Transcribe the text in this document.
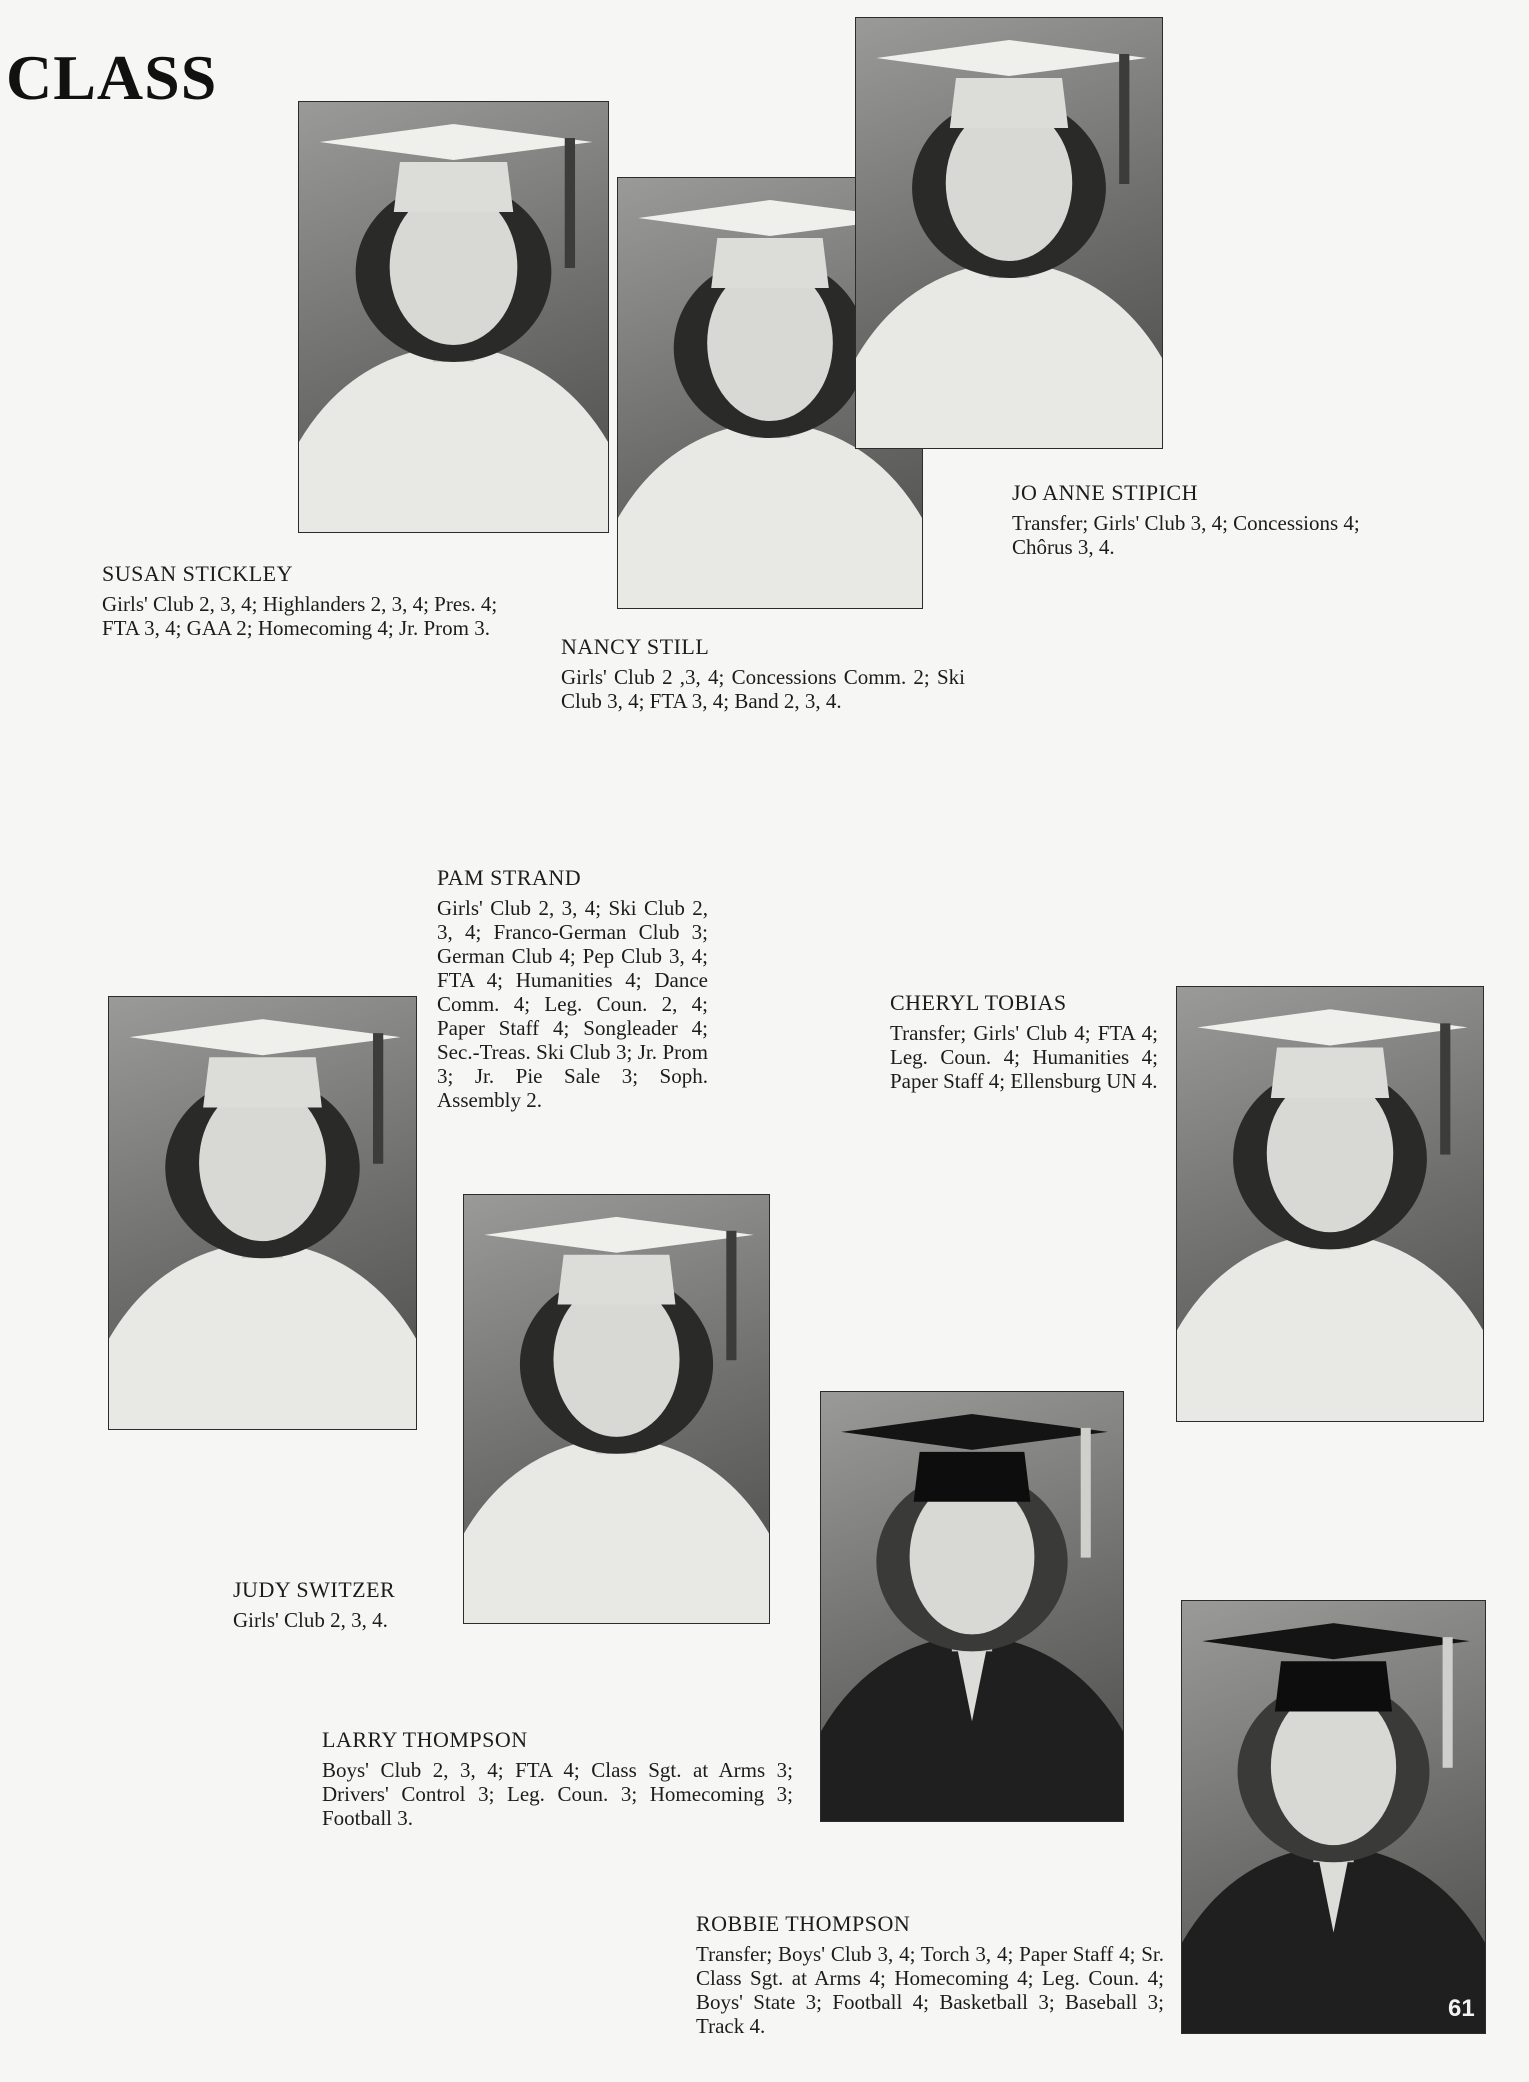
CLASS
SUSAN STICKLEY
Girls' Club 2, 3, 4; Highlanders 2, 3, 4; Pres. 4; FTA 3, 4; GAA 2; Homecoming 4; Jr. Prom 3.
NANCY STILL
Girls' Club 2 ,3, 4; Concessions Comm. 2; Ski Club 3, 4; FTA 3, 4; Band 2, 3, 4.
JO ANNE STIPICH
Transfer; Girls' Club 3, 4; Concessions 4; Chôrus 3, 4.
PAM STRAND
Girls' Club 2, 3, 4; Ski Club 2, 3, 4; Franco-German Club 3; German Club 4; Pep Club 3, 4; FTA 4; Humanities 4; Dance Comm. 4; Leg. Coun. 2, 4; Paper Staff 4; Songleader 4; Sec.-Treas. Ski Club 3; Jr. Prom 3; Jr. Pie Sale 3; Soph. Assembly 2.
CHERYL TOBIAS
Transfer; Girls' Club 4; FTA 4; Leg. Coun. 4; Humanities 4; Paper Staff 4; Ellensburg UN 4.
JUDY SWITZER
Girls' Club 2, 3, 4.
LARRY THOMPSON
Boys' Club 2, 3, 4; FTA 4; Class Sgt. at Arms 3; Drivers' Control 3; Leg. Coun. 3; Homecoming 3; Football 3.
ROBBIE THOMPSON
Transfer; Boys' Club 3, 4; Torch 3, 4; Paper Staff 4; Sr. Class Sgt. at Arms 4; Homecoming 4; Leg. Coun. 4; Boys' State 3; Football 4; Basketball 3; Baseball 3; Track 4.
61
